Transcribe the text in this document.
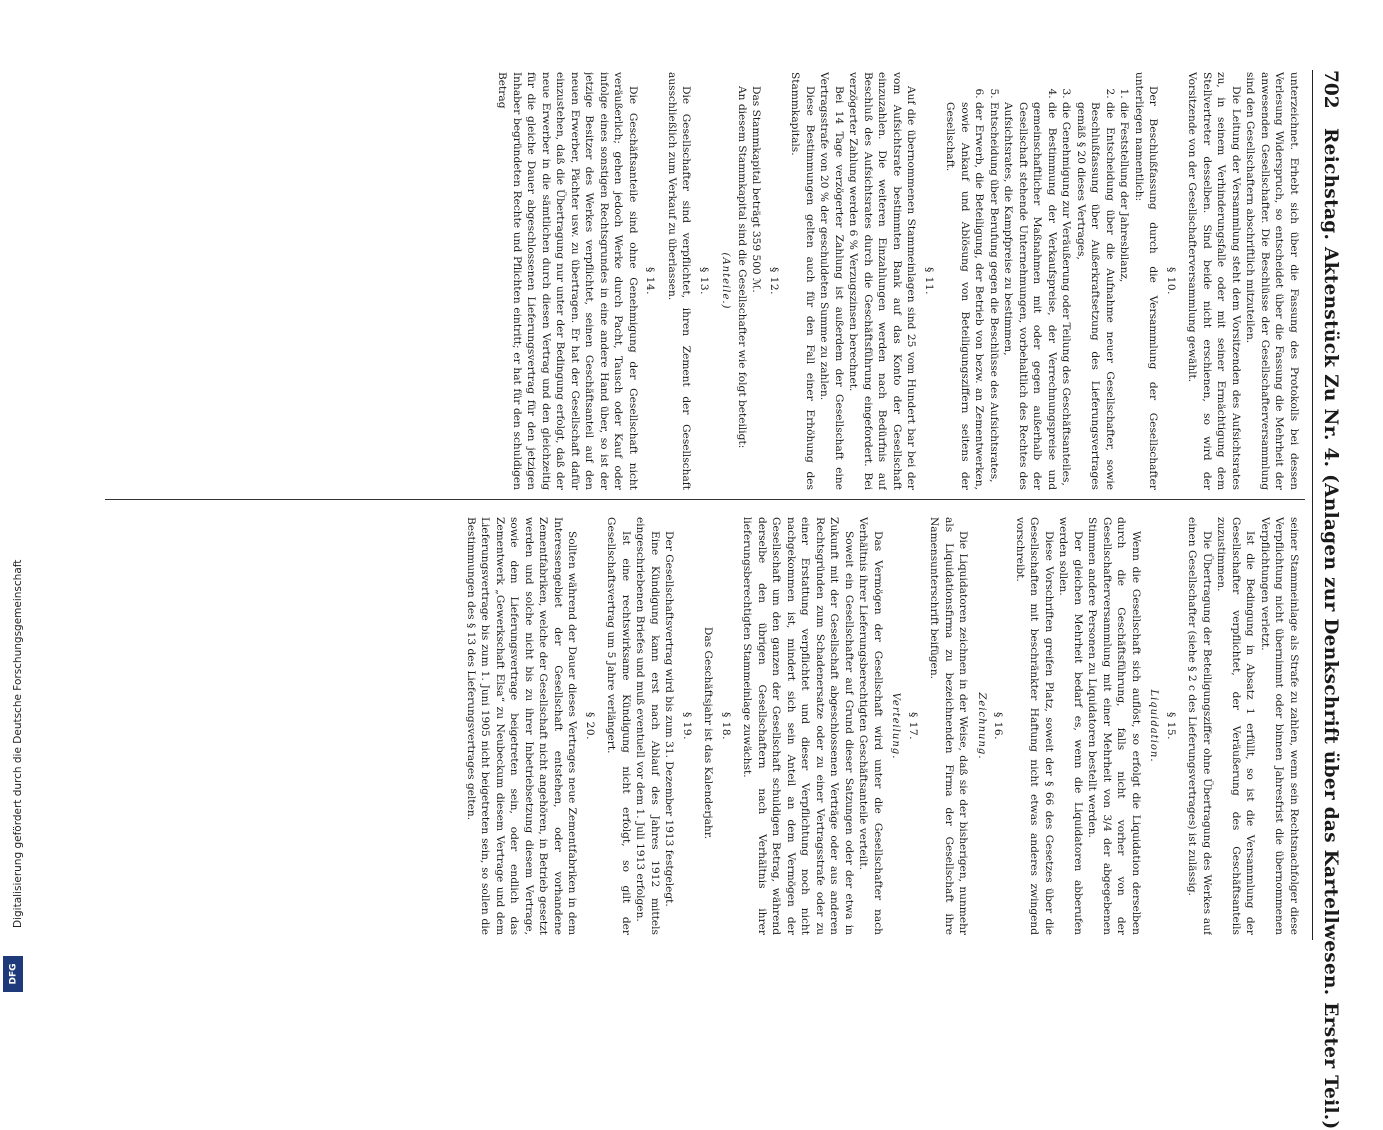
702
Reichstag. Aktenstück Zu Nr. 4. (Anlagen zur Denkschrift über das Kartellwesen. Erster Teil.)

unterzeichnet. Erhebt sich über die Fassung des Protokolls bei dessen Verlesung Widerspruch, so entscheidet über die Fassung die Mehrheit der anwesenden Gesellschafter. Die Beschlüsse der Gesellschafterversammlung sind den Gesellschaftern abschriftlich mitzuteilen.

Die Leitung der Versammlung steht dem Vorsitzenden des Aufsichtsrates zu, in seinem Verhinderungsfalle oder mit seiner Ermächtigung dem Stellvertreter desselben. Sind beide nicht erschienen, so wird der Vorsitzende von der Gesellschafterversammlung gewählt.

§ 10.

Der Beschlußfassung durch die Versammlung der Gesellschafter unterliegen namentlich:

1. die Feststellung der Jahresbilanz,
2. die Entscheidung über die Aufnahme neuer Gesellschafter, sowie Beschlußfassung über Außerkraftsetzung des Lieferungsvertrages gemäß § 20 dieses Vertrages,
3. die Genehmigung zur Veräußerung oder Teilung des Geschäftsanteiles,
4. die Bestimmung der Verkaufspreise, der Verrechnungspreise und gemeinschaftlicher Maßnahmen mit oder gegen außerhalb der Gesellschaft stehende Unternehmungen, vorbehaltlich des Rechtes des Aufsichtsrates, die Kampfpreise zu bestimmen,
5. Entscheidung über Berufung gegen die Beschlüsse des Aufsichtsrates,
6. der Erwerb, die Beteiligung, der Betrieb von bezw. an Zementwerken, sowie Ankauf und Ablösung von Beteiligungsziffern seitens der Gesellschaft.
§ 11.

Auf die übernommenen Stammeinlagen sind 25 vom Hundert bar bei der vom Aufsichtsrate bestimmten Bank auf das Konto der Gesellschaft einzuzahlen. Die weiteren Einzahlungen werden nach Bedürfnis auf Beschluß des Aufsichtsrates durch die Geschäftsführung eingefordert. Bei verzögerter Zahlung werden 6 % Verzugszinsen berechnet.

Bei 14 Tage verzögerter Zahlung ist außerdem der Gesellschaft eine Vertragsstrafe von 20 % der geschuldeten Summe zu zahlen.

Diese Bestimmungen gelten auch für den Fall einer Erhöhung des Stammkapitals.

§ 12.

Das Stammkapital beträgt 359 500 ℳ.

An diesem Stammkapital sind die Gesellschafter wie folgt beteiligt:

(Anteile.)
§ 13.

Die Gesellschafter sind verpflichtet, ihren Zement der Gesellschaft ausschließlich zum Verkauf zu überlassen.

§ 14.

Die Geschäftsanteile sind ohne Genehmigung der Gesellschaft nicht veräußerlich; gehen jedoch Werke durch Pacht, Tausch oder Kauf oder infolge eines sonstigen Rechtsgrundes in eine andere Hand über, so ist der jetzige Besitzer des Werkes verpflichtet, seinen Geschäftsanteil auf den neuen Erwerber, Pächter usw. zu übertragen. Er hat der Gesellschaft dafür einzustehen, daß die Übertragung nur unter der Bedingung erfolgt, daß der neue Erwerber in die sämtlichen durch diesen Vertrag und den gleichzeitig für die gleiche Dauer abgeschlossenen Lieferungsvertrag für den jetzigen Inhaber begründeten Rechte und Pflichten eintritt; er hat für den schuldigen Betrag

seiner Stammeinlage als Strafe zu zahlen, wenn sein Rechtsnachfolger diese Verpflichtung nicht übernimmt oder binnen Jahresfrist die übernommenen Verpflichtungen verletzt.

Ist die Bedingung in Absatz 1 erfüllt, so ist die Versammlung der Gesellschafter verpflichtet, der Veräußerung des Geschäftsanteils zuzustimmen.

Die Übertragung der Beteiligungsziffer ohne Übertragung des Werkes auf einen Gesellschafter (siehe § 2 c des Lieferungsvertrages) ist zulässig.

§ 15.
Liquidation.

Wenn die Gesellschaft sich auflöst, so erfolgt die Liquidation derselben durch die Geschäftsführung, falls nicht vorher von der Gesellschafterversammlung mit einer Mehrheit von 3/4 der abgegebenen Stimmen andere Personen zu Liquidatoren bestellt werden.

Der gleichen Mehrheit bedarf es, wenn die Liquidatoren abberufen werden sollen.

Diese Vorschriften greifen Platz, soweit der § 66 des Gesetzes über die Gesellschaften mit beschränkter Haftung nicht etwas anderes zwingend vorschreibt.

§ 16.
Zeichnung.

Die Liquidatoren zeichnen in der Weise, daß sie der bisherigen, nunmehr als Liquidationsfirma zu bezeichnenden Firma der Gesellschaft ihre Namensunterschrift beifügen.

§ 17.
Verteilung.

Das Vermögen der Gesellschaft wird unter die Gesellschafter nach Verhältnis ihrer Lieferungsberechtigten Geschäftsanteile verteilt.

Soweit ein Gesellschafter auf Grund dieser Satzungen oder der etwa in Zukunft mit der Gesellschaft abgeschlossenen Verträge oder aus anderen Rechtsgründen zum Schadenersatze oder zu einer Vertragsstrafe oder zu einer Erstattung verpflichtet und dieser Verpflichtung noch nicht nachgekommen ist, mindert sich sein Anteil an dem Vermögen der Gesellschaft um den ganzen der Gesellschaft schuldigen Betrag, während derselbe den übrigen Gesellschaftern nach Verhältnis ihrer lieferungsberechtigten Stammeinlage zuwächst.

§ 18.

Das Geschäftsjahr ist das Kalenderjahr.

§ 19.

Der Gesellschaftsvertrag wird bis zum 31. Dezember 1913 festgelegt.

Eine Kündigung kann erst nach Ablauf des Jahres 1912 mittels eingeschriebenen Briefes und muß eventuell vor dem 1. Juli 1913 erfolgen.

Ist eine rechtswirksame Kündigung nicht erfolgt, so gilt der Gesellschaftsvertrag um 5 Jahre verlängert.

§ 20.

Sollten während der Dauer dieses Vertrages neue Zementfabriken in dem Interessengebiet der Gesellschaft entstehen, oder vorhandene Zementfabriken, welche der Gesellschaft nicht angehören, in Betrieb gesetzt werden und solche nicht bis zu ihrer Inbetriebsetzung diesem Vertrage, sowie dem Lieferungsvertrage beigetreten sein, oder endlich das Zementwerk „Gewerkschaft Elsa“ zu Neubeckum diesem Vertrage und dem Lieferungsvertrage bis zum 1. Juni 1905 nicht beigetreten sein, so sollen die Bestimmungen des § 13 des Lieferungsvertrages gelten.

Digitalisierung gefördert durch die Deutsche Forschungsgemeinschaft
DFG
